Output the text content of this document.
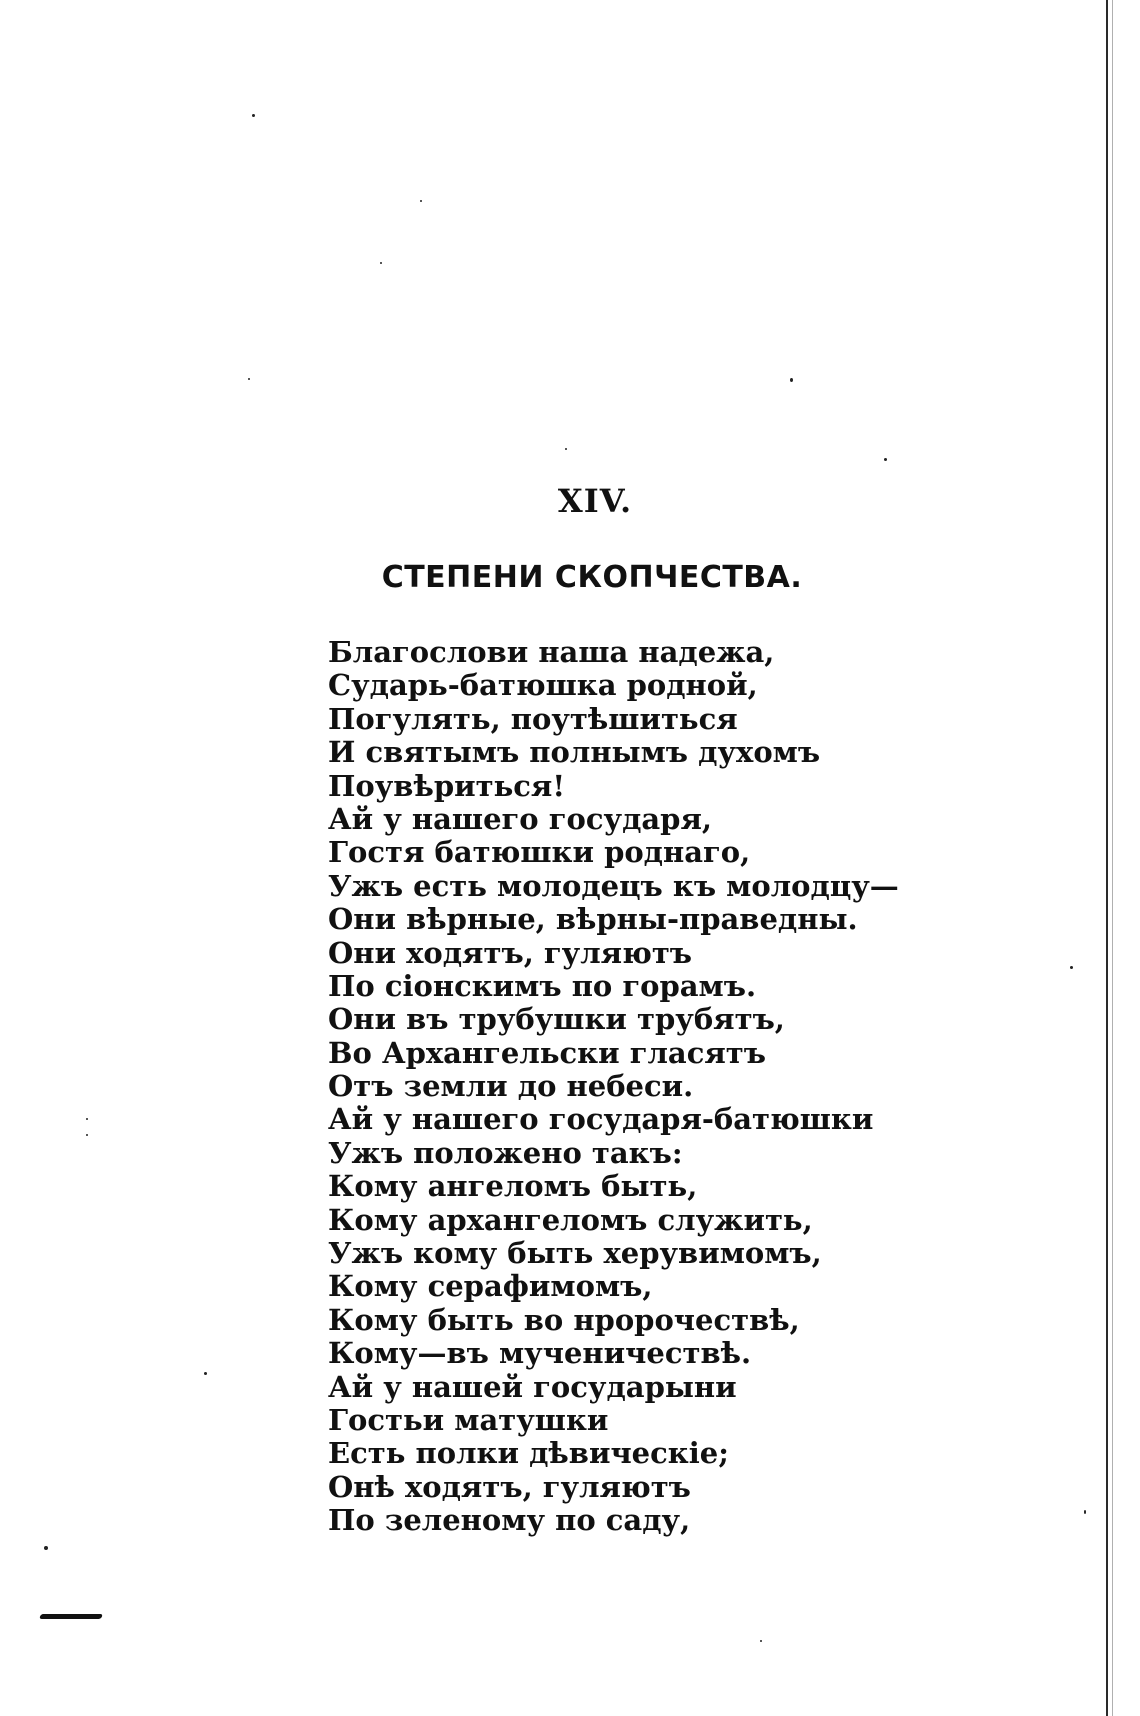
XIV.
СТЕПЕНИ СКОПЧЕСТВА.
Благослови наша надежа,
Сударь-батюшка родной,
Погулять, поутѣшиться
И святымъ полнымъ духомъ
Поувѣриться!
Ай у нашего государя,
Гостя батюшки роднаго,
Ужъ есть молодецъ къ молодцу—
Они вѣрные, вѣрны-праведны.
Они ходятъ, гуляютъ
По сіонскимъ по горамъ.
Они въ трубушки трубятъ,
Во Архангельски гласятъ
Отъ земли до небеси.
Ай у нашего государя-батюшки
Ужъ положено такъ:
Кому ангеломъ быть,
Кому архангеломъ служить,
Ужъ кому быть херувимомъ,
Кому серафимомъ,
Кому быть во нророчествѣ,
Кому—въ мученичествѣ.
Ай у нашей государыни
Гостьи матушки
Есть полки дѣвическіе;
Онѣ ходятъ, гуляютъ
По зеленому по саду,
